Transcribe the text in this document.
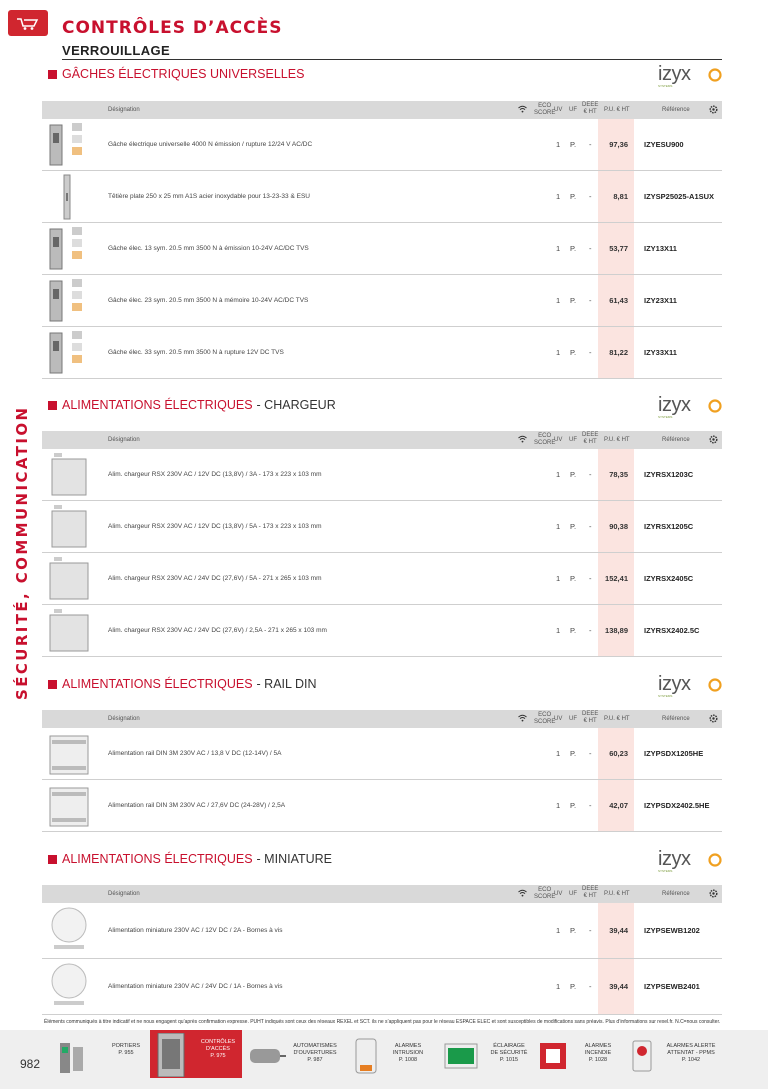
CONTRÔLES D’ACCÈS
VERROUILLAGE
SÉCURITÉ, COMMUNICATION
GÂCHES ÉLECTRIQUES UNIVERSELLES	izyx
SYSTEMS
Désignation
ECO
SCORE
UV UF
DEEE
€ HT P.U. € HT	Référence
Gâche électrique universelle 4000 N émission / rupture 12/24 V AC/DC	1 P. -	97,36	IZYESU900
Têtière plate 250 x 25 mm A1S acier inoxydable pour 13-23-33 & ESU	1 P. -	8,81	IZYSP25025-A1SUX
Gâche élec. 13 sym. 20.5 mm 3500 N à émission 10-24V AC/DC TVS	1 P. -	53,77	IZY13X11
Gâche élec. 23 sym. 20.5 mm 3500 N à mémoire 10-24V AC/DC TVS	1 P. -	61,43	IZY23X11
Gâche élec. 33 sym. 20.5 mm 3500 N à rupture 12V DC TVS	1 P. -	81,22	IZY33X11
ALIMENTATIONS ÉLECTRIQUES - CHARGEUR	izyx
SYSTEMS
Désignation
ECO
SCORE
UV UF
DEEE
€ HT P.U. € HT	Référence
Alim. chargeur RSX 230V AC / 12V DC (13,8V) / 3A - 173 x 223 x 103 mm	1 P. -	78,35	IZYRSX1203C
Alim. chargeur RSX 230V AC / 12V DC (13,8V) / 5A - 173 x 223 x 103 mm	1 P. -	90,38	IZYRSX1205C
Alim. chargeur RSX 230V AC / 24V DC (27,6V) / 5A - 271 x 265 x 103 mm	1 P. -	152,41	IZYRSX2405C
Alim. chargeur RSX 230V AC / 24V DC (27,6V) / 2,5A - 271 x 265 x 103 mm	1 P. -	138,89	IZYRSX2402.5C
ALIMENTATIONS ÉLECTRIQUES - RAIL DIN	izyx
SYSTEMS
Désignation
ECO
SCORE
UV UF
DEEE
€ HT P.U. € HT	Référence
Alimentation rail DIN 3M 230V AC / 13,8 V DC (12-14V) / 5A	1 P. -	60,23	IZYPSDX1205HE
Alimentation rail DIN 3M 230V AC / 27,6V DC (24-28V) / 2,5A	1 P. -	42,07	IZYPSDX2402.5HE
ALIMENTATIONS ÉLECTRIQUES - MINIATURE	izyx
SYSTEMS
Désignation
ECO
SCORE
UV UF
DEEE
€ HT P.U. € HT	Référence
Alimentation miniature 230V AC / 12V DC / 2A - Bornes à vis	1 P. -	39,44	IZYPSEWB1202
Alimentation miniature 230V AC / 24V DC / 1A - Bornes à vis	1 P. -	39,44	IZYPSEWB2401
Éléments communiqués à titre indicatif et ne nous engagent qu’après confirmation expresse. PUHT indiqués sont ceux des réseaux REXEL et SCT. ils ne s’appliquent pas pour le réseau ESPACE ELEC et sont susceptibles de modifications sans préavis. Plus d’informations sur rexel.fr. N.C=nous consulter.
982
PORTIERS
P. 955
CONTRÔLES
D'ACCÈS
P. 975
AUTOMATISMES
D'OUVERTURES
P. 987
ALARMES
INTRUSION
P. 1008
ÉCLAIRAGE
DE SÉCURITÉ
P. 1015
ALARMES
INCENDIE
P. 1028
ALARMES ALERTE
ATTENTAT - PPMS
P. 1042
